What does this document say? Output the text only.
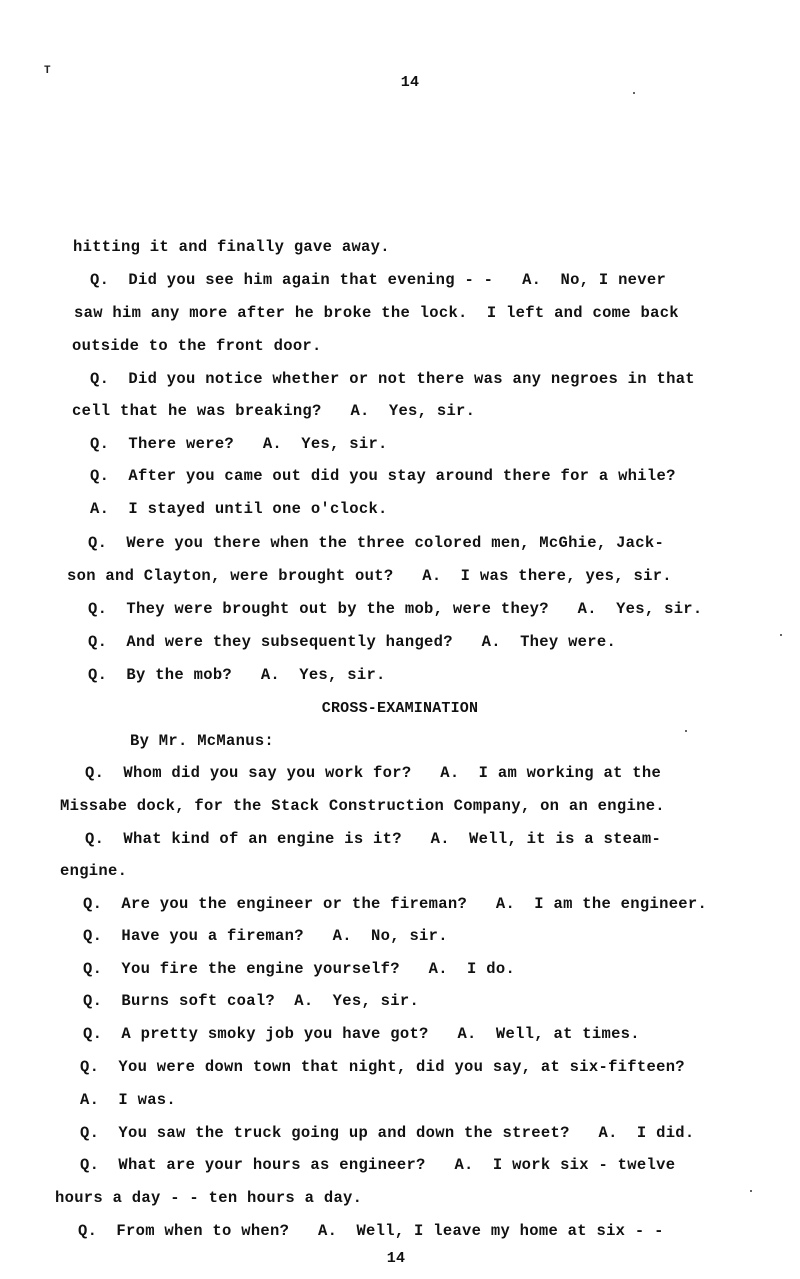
T
14
hitting it and finally gave away.
Q.  Did you see him again that evening - -   A.  No, I never
saw him any more after he broke the lock.  I left and come back
outside to the front door.
Q.  Did you notice whether or not there was any negroes in that
cell that he was breaking?   A.  Yes, sir.
Q.  There were?   A.  Yes, sir.
Q.  After you came out did you stay around there for a while?
A.  I stayed until one o'clock.
Q.  Were you there when the three colored men, McGhie, Jack-
son and Clayton, were brought out?   A.  I was there, yes, sir.
Q.  They were brought out by the mob, were they?   A.  Yes, sir.
Q.  And were they subsequently hanged?   A.  They were.
Q.  By the mob?   A.  Yes, sir.
CROSS-EXAMINATION
By Mr. McManus:
Q.  Whom did you say you work for?   A.  I am working at the
Missabe dock, for the Stack Construction Company, on an engine.
Q.  What kind of an engine is it?   A.  Well, it is a steam-
engine.
Q.  Are you the engineer or the fireman?   A.  I am the engineer.
Q.  Have you a fireman?   A.  No, sir.
Q.  You fire the engine yourself?   A.  I do.
Q.  Burns soft coal?  A.  Yes, sir.
Q.  A pretty smoky job you have got?   A.  Well, at times.
Q.  You were down town that night, did you say, at six-fifteen?
A.  I was.
Q.  You saw the truck going up and down the street?   A.  I did.
Q.  What are your hours as engineer?   A.  I work six - twelve
hours a day - - ten hours a day.
Q.  From when to when?   A.  Well, I leave my home at six - -
14
